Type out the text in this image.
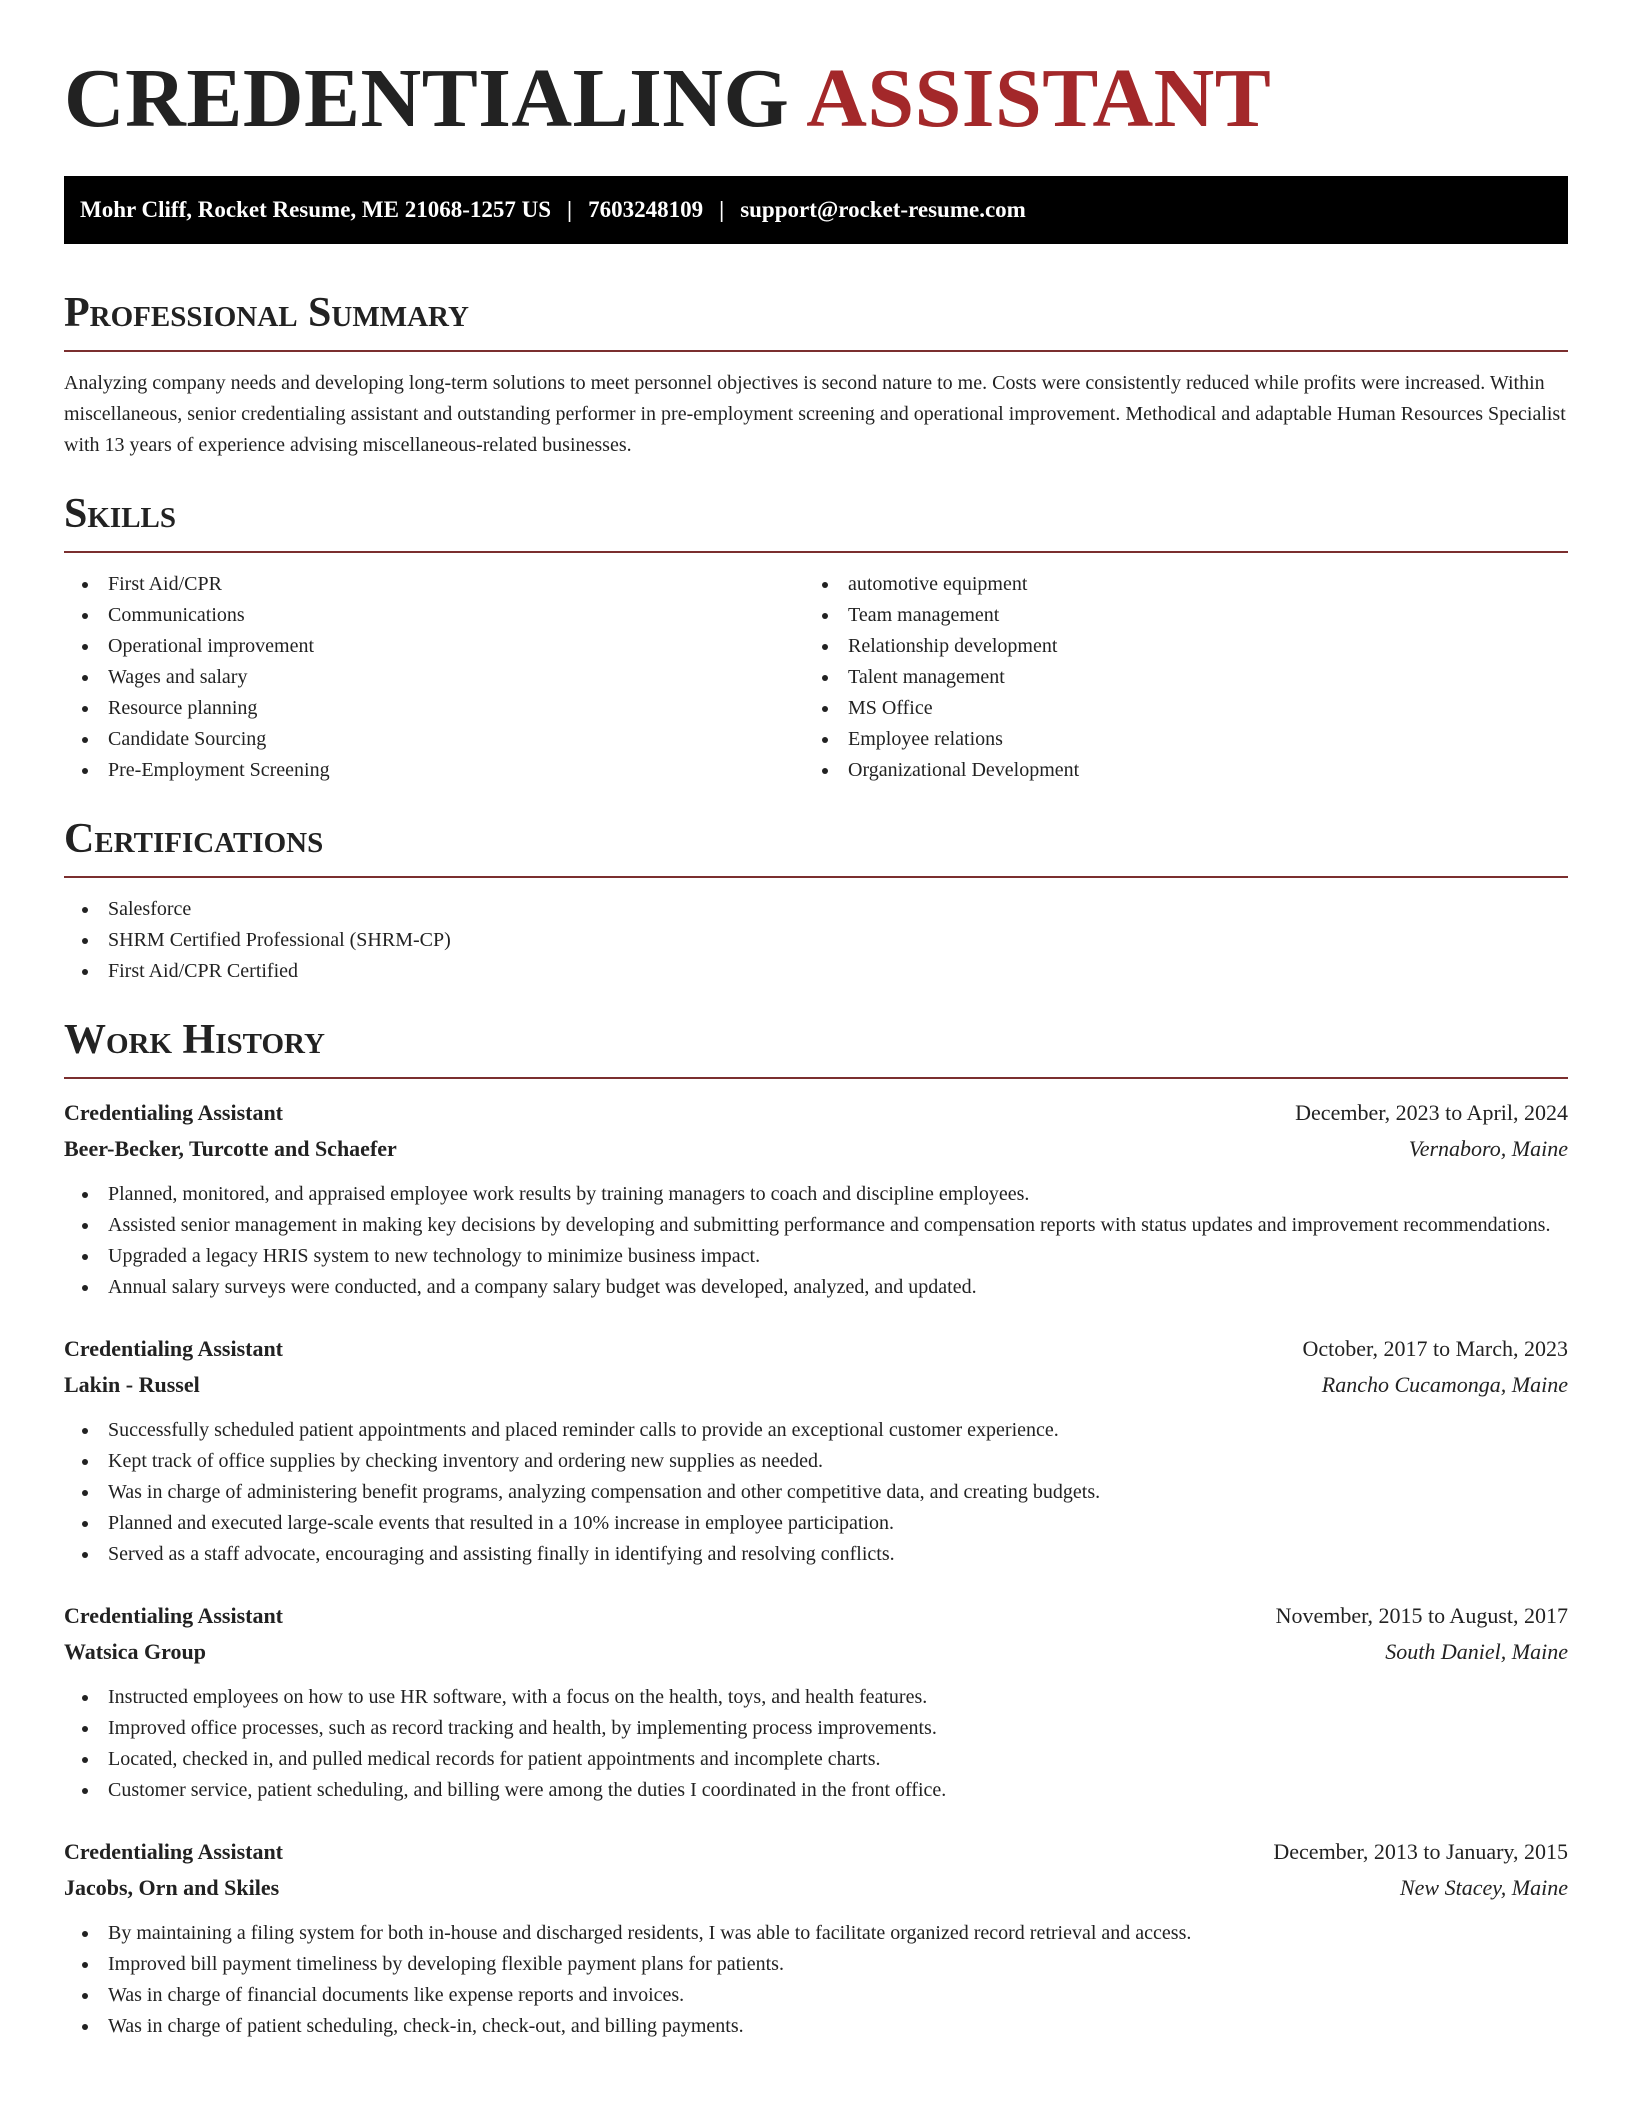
CREDENTIALING ASSISTANT
Mohr Cliff, Rocket Resume, ME 21068-1257 US | 7603248109 | support@rocket-resume.com
Professional Summary

Analyzing company needs and developing long-term solutions to meet personnel objectives is second nature to me. Costs were consistently reduced while profits were increased. Within miscellaneous, senior credentialing assistant and outstanding performer in pre-employment screening and operational improvement. Methodical and adaptable Human Resources Specialist with 13 years of experience advising miscellaneous-related businesses.

Skills
First Aid/CPR
Communications
Operational improvement
Wages and salary
Resource planning
Candidate Sourcing
Pre-Employment Screening
automotive equipment
Team management
Relationship development
Talent management
MS Office
Employee relations
Organizational Development
Certifications
Salesforce
SHRM Certified Professional (SHRM-CP)
First Aid/CPR Certified
Work History
Credentialing Assistant	December, 2023 to April, 2024
Beer-Becker, Turcotte and Schaefer	Vernaboro, Maine
Planned, monitored, and appraised employee work results by training managers to coach and discipline employees.
Assisted senior management in making key decisions by developing and submitting performance and compensation reports with status updates and improvement recommendations.
Upgraded a legacy HRIS system to new technology to minimize business impact.
Annual salary surveys were conducted, and a company salary budget was developed, analyzed, and updated.
Credentialing Assistant	October, 2017 to March, 2023
Lakin - Russel	Rancho Cucamonga, Maine
Successfully scheduled patient appointments and placed reminder calls to provide an exceptional customer experience.
Kept track of office supplies by checking inventory and ordering new supplies as needed.
Was in charge of administering benefit programs, analyzing compensation and other competitive data, and creating budgets.
Planned and executed large-scale events that resulted in a 10% increase in employee participation.
Served as a staff advocate, encouraging and assisting finally in identifying and resolving conflicts.
Credentialing Assistant	November, 2015 to August, 2017
Watsica Group	South Daniel, Maine
Instructed employees on how to use HR software, with a focus on the health, toys, and health features.
Improved office processes, such as record tracking and health, by implementing process improvements.
Located, checked in, and pulled medical records for patient appointments and incomplete charts.
Customer service, patient scheduling, and billing were among the duties I coordinated in the front office.
Credentialing Assistant	December, 2013 to January, 2015
Jacobs, Orn and Skiles	New Stacey, Maine
By maintaining a filing system for both in-house and discharged residents, I was able to facilitate organized record retrieval and access.
Improved bill payment timeliness by developing flexible payment plans for patients.
Was in charge of financial documents like expense reports and invoices.
Was in charge of patient scheduling, check-in, check-out, and billing payments.
